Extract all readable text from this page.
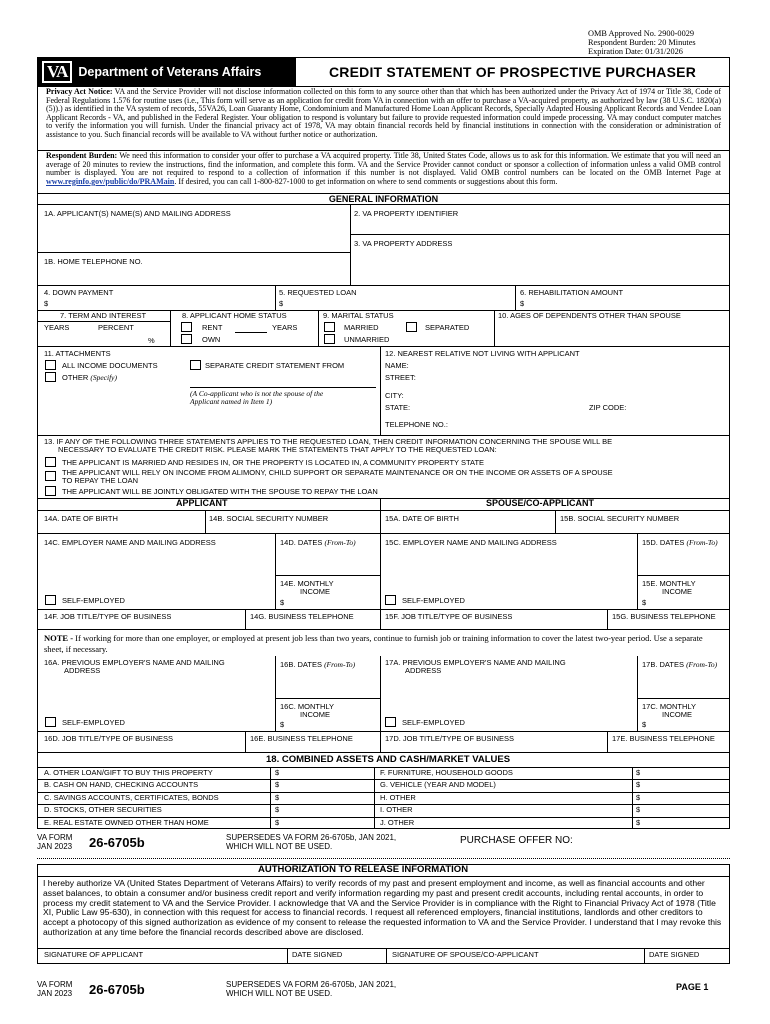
OMB Approved No. 2900-0029
Respondent Burden: 20 Minutes
Expiration Date: 01/31/2026
VA Department of Veterans Affairs	CREDIT STATEMENT OF PROSPECTIVE PURCHASER
Privacy Act Notice: VA and the Service Provider will not disclose information collected on this form to any source other than that which has been authorized under the Privacy Act of 1974 or Title 38, Code of Federal Regulations 1.576 for routine uses (i.e., This form will serve as an application for credit from VA in connection with an offer to purchase a VA-acquired property, as authorized by law (38 U.S.C. 1820(a)(5)).) as identified in the VA system of records, 55VA26, Loan Guaranty Home, Condominium and Manufactured Home Loan Applicant Records, Specially Adapted Housing Applicant Records and Vendee Loan Applicant Records - VA, and published in the Federal Register. Your obligation to respond is voluntary but failure to provide requested information could impede processing. VA may conduct computer matches to verify the information you will furnish. Under the financial privacy act of 1978, VA may obtain financial records held by financial institutions in connection with the consideration or administration of assistance to you. Such financial records will be available to VA without further notice or authorization.
Respondent Burden: We need this information to consider your offer to purchase a VA acquired property. Title 38, United States Code, allows us to ask for this information. We estimate that you will need an average of 20 minutes to review the instructions, find the information, and complete this form. VA and the Service Provider cannot conduct or sponsor a collection of information unless a valid OMB control number is displayed. You are not required to respond to a collection of information if this number is not displayed. Valid OMB control numbers can be located on the OMB Internet Page at www.reginfo.gov/public/do/PRAMain. If desired, you can call 1-800-827-1000 to get information on where to send comments or suggestions about this form.
GENERAL INFORMATION
1A. APPLICANT(S) NAME(S) AND MAILING ADDRESS	2. VA PROPERTY IDENTIFIER
3. VA PROPERTY ADDRESS
1B. HOME TELEPHONE NO.
4. DOWN PAYMENT
$
5. REQUESTED LOAN
$
6. REHABILITATION AMOUNT
$
7. TERM AND INTEREST
YEARS	PERCENT
%
8. APPLICANT HOME STATUS
RENT	YEARS
OWN
9. MARITAL STATUS
MARRIED	SEPARATED
UNMARRIED
10. AGES OF DEPENDENTS OTHER THAN SPOUSE
11. ATTACHMENTS
ALL INCOME DOCUMENTS	SEPARATE CREDIT STATEMENT FROM
OTHER (Specify)
(A Co-applicant who is not the spouse of the
Applicant named in Item 1)
12. NEAREST RELATIVE NOT LIVING WITH APPLICANT
NAME:
STREET:
CITY:
STATE:	ZIP CODE:
TELEPHONE NO.:
13. IF ANY OF THE FOLLOWING THREE STATEMENTS APPLIES TO THE REQUESTED LOAN, THEN CREDIT INFORMATION CONCERNING THE SPOUSE WILL BE
NECESSARY TO EVALUATE THE CREDIT RISK. PLEASE MARK THE STATEMENTS THAT APPLY TO THE REQUESTED LOAN:
THE APPLICANT IS MARRIED AND RESIDES IN, OR THE PROPERTY IS LOCATED IN, A COMMUNITY PROPERTY STATE
THE APPLICANT WILL RELY ON INCOME FROM ALIMONY, CHILD SUPPORT OR SEPARATE MAINTENANCE OR ON THE INCOME OR ASSETS OF A SPOUSE
TO REPAY THE LOAN
THE APPLICANT WILL BE JOINTLY OBLIGATED WITH THE SPOUSE TO REPAY THE LOAN
APPLICANT	SPOUSE/CO-APPLICANT
14A. DATE OF BIRTH	14B. SOCIAL SECURITY NUMBER	15A. DATE OF BIRTH	15B. SOCIAL SECURITY NUMBER
14C. EMPLOYER NAME AND MAILING ADDRESS	14D. DATES (From-To)	15C. EMPLOYER NAME AND MAILING ADDRESS	15D. DATES (From-To)
14E. MONTHLY
INCOME
$
15E. MONTHLY
INCOME
$
SELF-EMPLOYED	SELF-EMPLOYED
14F. JOB TITLE/TYPE OF BUSINESS	14G. BUSINESS TELEPHONE	15F. JOB TITLE/TYPE OF BUSINESS	15G. BUSINESS TELEPHONE
NOTE - If working for more than one employer, or employed at present job less than two years, continue to furnish job or training information to cover the latest two-year period. Use a separate sheet, if necessary.
16A. PREVIOUS EMPLOYER'S NAME AND MAILING
ADDRESS
16B. DATES (From-To)	17A. PREVIOUS EMPLOYER'S NAME AND MAILING
ADDRESS
17B. DATES (From-To)
16C. MONTHLY
INCOME
$
17C. MONTHLY
INCOME
$
SELF-EMPLOYED	SELF-EMPLOYED
16D. JOB TITLE/TYPE OF BUSINESS	16E. BUSINESS TELEPHONE	17D. JOB TITLE/TYPE OF BUSINESS	17E. BUSINESS TELEPHONE
18. COMBINED ASSETS AND CASH/MARKET VALUES
A. OTHER LOAN/GIFT TO BUY THIS PROPERTY	$	F. FURNITURE, HOUSEHOLD GOODS	$
B. CASH ON HAND, CHECKING ACCOUNTS	$	G. VEHICLE (YEAR AND MODEL)	$
C. SAVINGS ACCOUNTS, CERTIFICATES, BONDS	$	H. OTHER	$
D. STOCKS, OTHER SECURITIES	$	I. OTHER	$
E. REAL ESTATE OWNED OTHER THAN HOME	$	J. OTHER	$
VA FORM
JAN 2023 26-6705b	SUPERSEDES VA FORM 26-6705b, JAN 2021,
WHICH WILL NOT BE USED.
PURCHASE OFFER NO:
AUTHORIZATION TO RELEASE INFORMATION
I hereby authorize VA (United States Department of Veterans Affairs) to verify records of my past and present employment and income, as well as financial accounts and other asset balances, to obtain a consumer and/or business credit report and verify information regarding my past and present credit accounts, including rental accounts, in order to process my credit statement to VA and the Service Provider. I acknowledge that VA and the Service Provider is in compliance with the Right to Financial Privacy Act of 1978 (Title XI, Public Law 95-630), in connection with this request for access to financial records. I request all referenced employers, financial institutions, landlords and other creditors to accept a photocopy of this signed authorization as evidence of my consent to release the requested information to VA and the Service Provider. I understand that I may revoke this authorization at any time before the financial records described above are disclosed.
SIGNATURE OF APPLICANT	DATE SIGNED	SIGNATURE OF SPOUSE/CO-APPLICANT	DATE SIGNED
VA FORM
JAN 2023 26-6705b	SUPERSEDES VA FORM 26-6705b, JAN 2021,
WHICH WILL NOT BE USED.
PAGE 1
